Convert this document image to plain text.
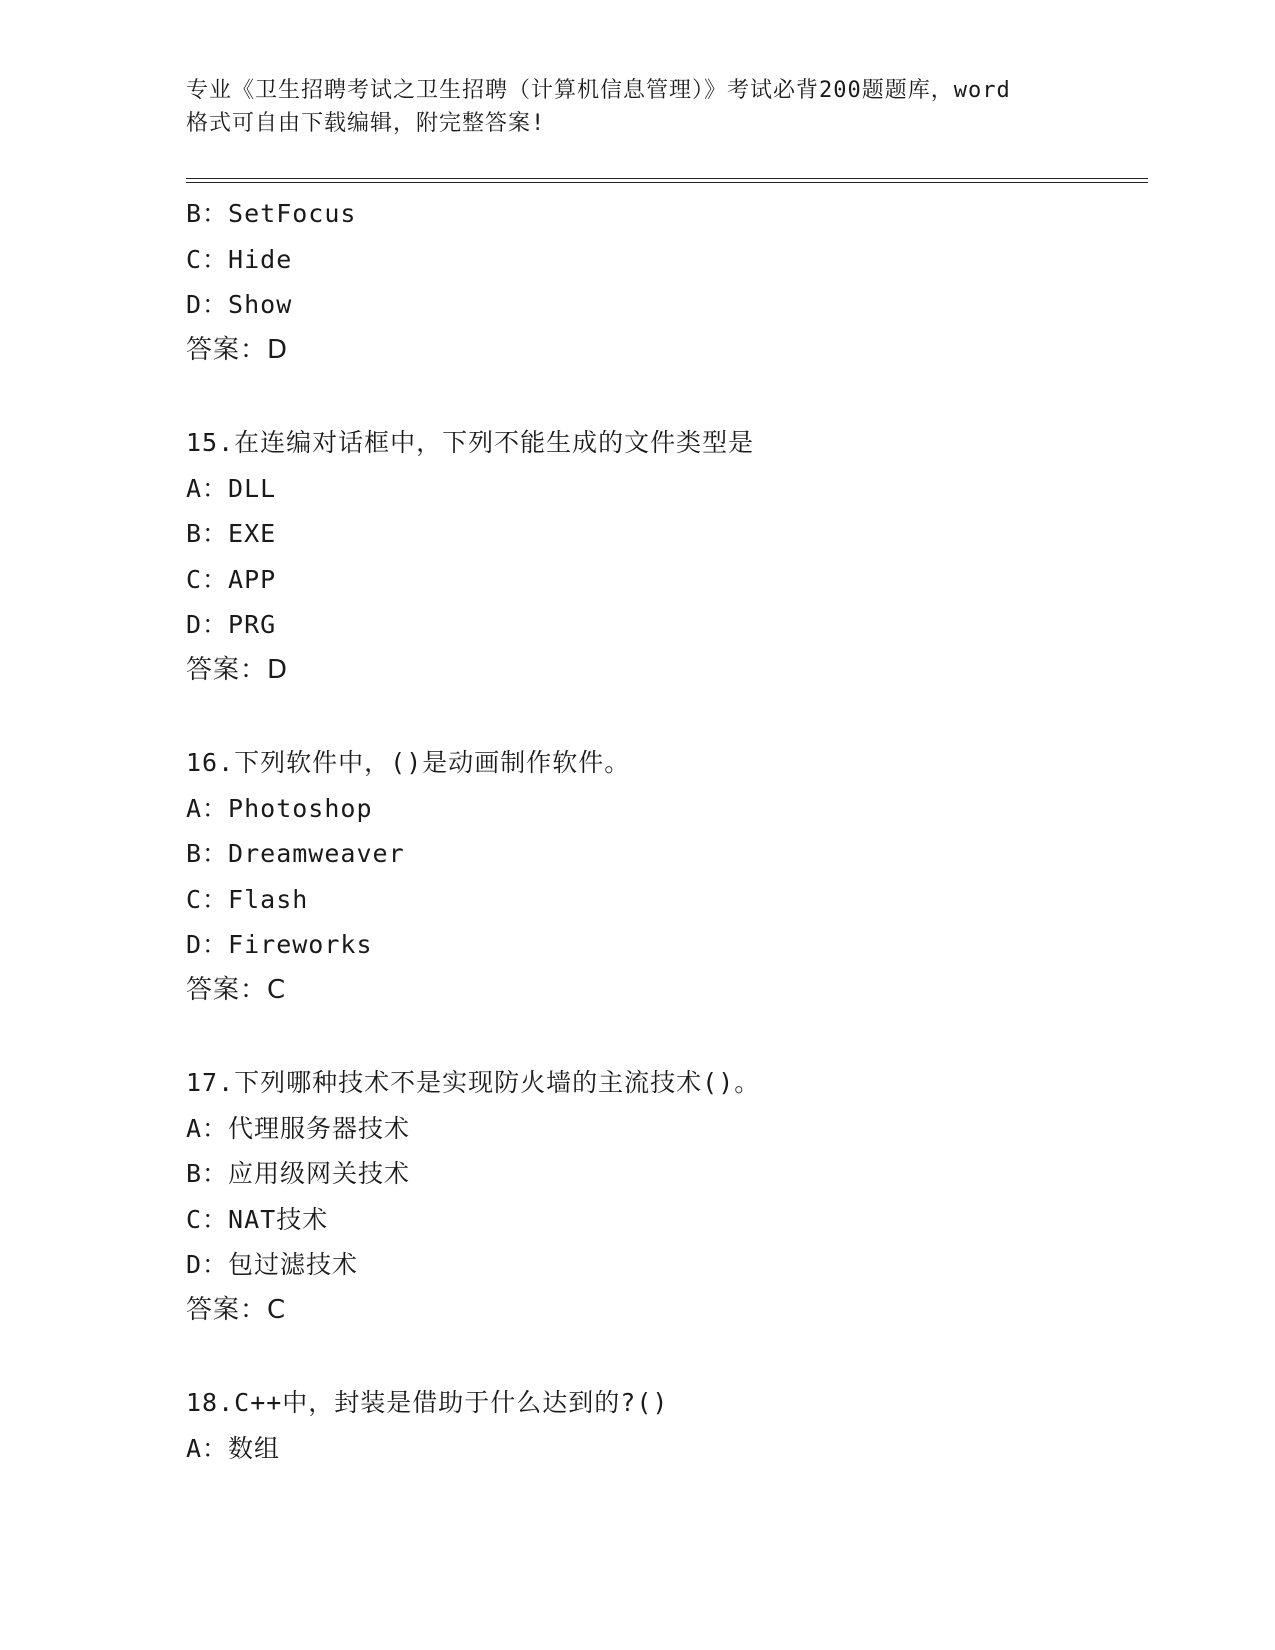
专业《卫生招聘考试之卫生招聘（计算机信息管理）》考试必背200题题库，word
格式可自由下载编辑，附完整答案!
B：SetFocus
C：Hide
D：Show
答案：D
15.在连编对话框中，下列不能生成的文件类型是
A：DLL
B：EXE
C：APP
D：PRG
答案：D
16.下列软件中，()是动画制作软件。
A：Photoshop
B：Dreamweaver
C：Flash
D：Fireworks
答案：C
17.下列哪种技术不是实现防火墙的主流技术()。
A：代理服务器技术
B：应用级网关技术
C：NAT技术
D：包过滤技术
答案：C
18.C++中，封装是借助于什么达到的?()
A：数组
